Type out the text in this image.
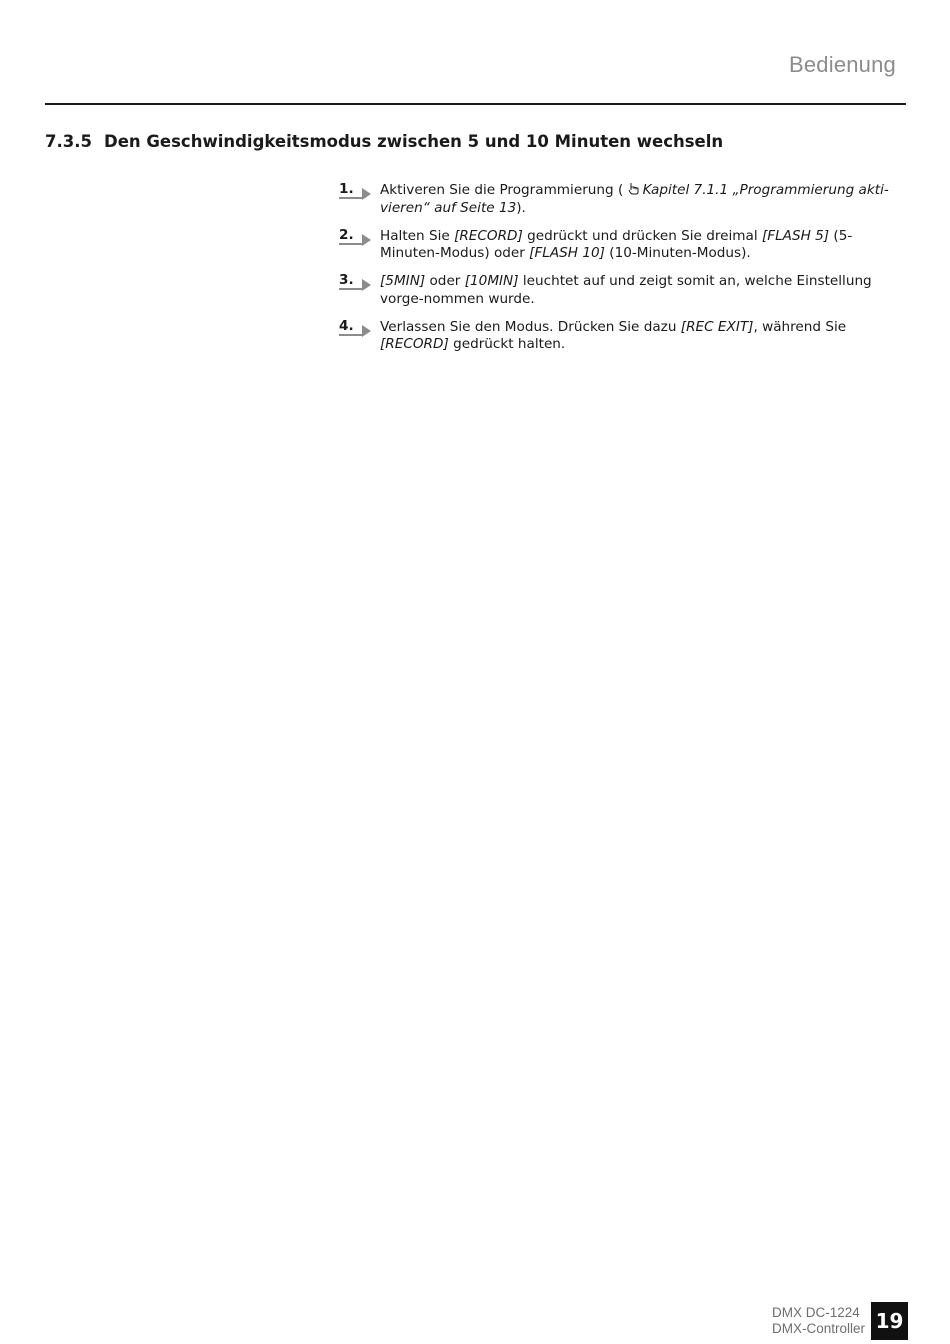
Bedienung
7.3.5 Den Geschwindigkeitsmodus zwischen 5 und 10 Minuten wechseln
1. Aktiveren Sie die Programmierung ( Kapitel 7.1.1 „Programmierung akti-vieren“ auf Seite 13).
2. Halten Sie [RECORD] gedrückt und drücken Sie dreimal [FLASH 5] (5-Minuten-Modus) oder [FLASH 10] (10-Minuten-Modus).
3. [5MIN] oder [10MIN] leuchtet auf und zeigt somit an, welche Einstellung vorge-nommen wurde.
4. Verlassen Sie den Modus. Drücken Sie dazu [REC EXIT], während Sie [RECORD] gedrückt halten.
DMX DC-1224
DMX-Controller 19
